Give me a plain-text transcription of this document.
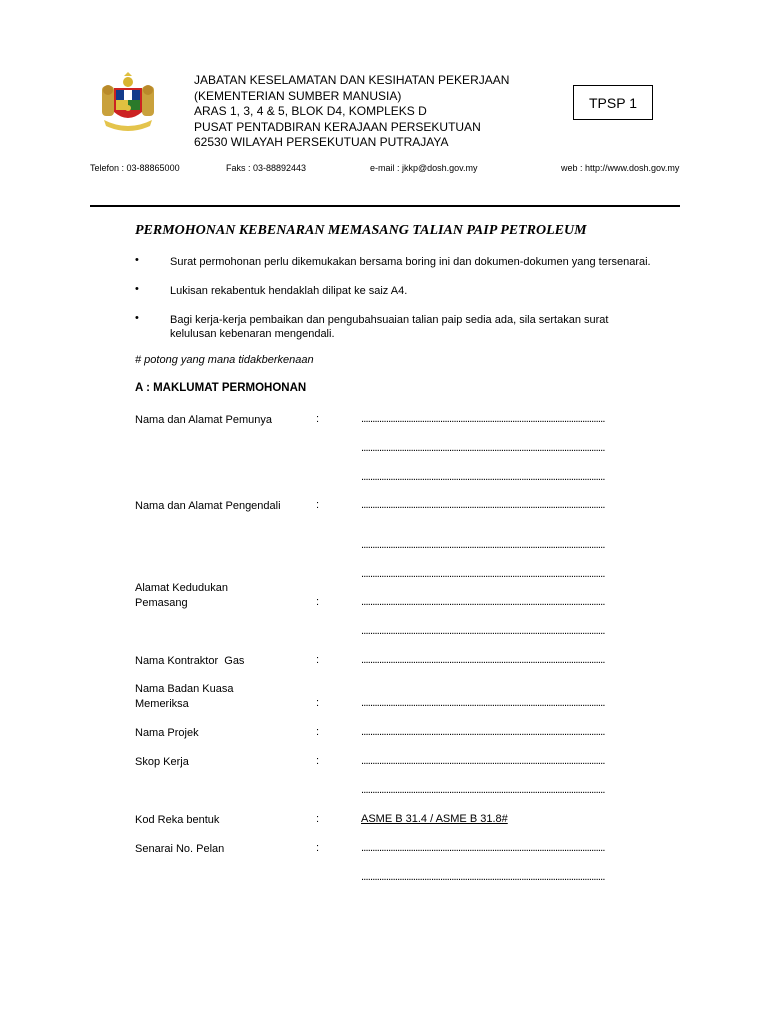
JABATAN KESELAMATAN DAN KESIHATAN PEKERJAAN
(KEMENTERIAN SUMBER MANUSIA)
ARAS 1, 3, 4 & 5, BLOK D4, KOMPLEKS D
PUSAT PENTADBIRAN KERAJAAN PERSEKUTUAN
62530 WILAYAH PERSEKUTUAN PUTRAJAYA
TPSP 1
Telefon : 03-88865000	Faks : 03-88892443	e-mail : jkkp@dosh.gov.my	web : http://www.dosh.gov.my
PERMOHONAN KEBENARAN MEMASANG TALIAN PAIP PETROLEUM
•	Surat permohonan perlu dikemukakan bersama boring ini dan dokumen-dokumen yang tersenarai.
•	Lukisan rekabentuk hendaklah dilipat ke saiz A4.
•	Bagi kerja-kerja pembaikan dan pengubahsuaian talian paip sedia ada, sila sertakan surat kelulusan kebenaran mengendali.
# potong yang mana tidakberkenaan
A : MAKLUMAT PERMOHONAN
Nama dan Alamat Pemunya	:	............................................................................................................
............................................................................................................
............................................................................................................
Nama dan Alamat Pengendali	:	............................................................................................................
............................................................................................................
............................................................................................................
Alamat Kedudukan
Pemasang	:	............................................................................................................
............................................................................................................
Nama Kontraktor  Gas	:	............................................................................................................
Nama Badan Kuasa
Memeriksa	:	............................................................................................................
Nama Projek	:	............................................................................................................
Skop Kerja	:	............................................................................................................
............................................................................................................
Kod Reka bentuk	:	ASME B 31.4 / ASME B 31.8#
Senarai No. Pelan	:	............................................................................................................
............................................................................................................
